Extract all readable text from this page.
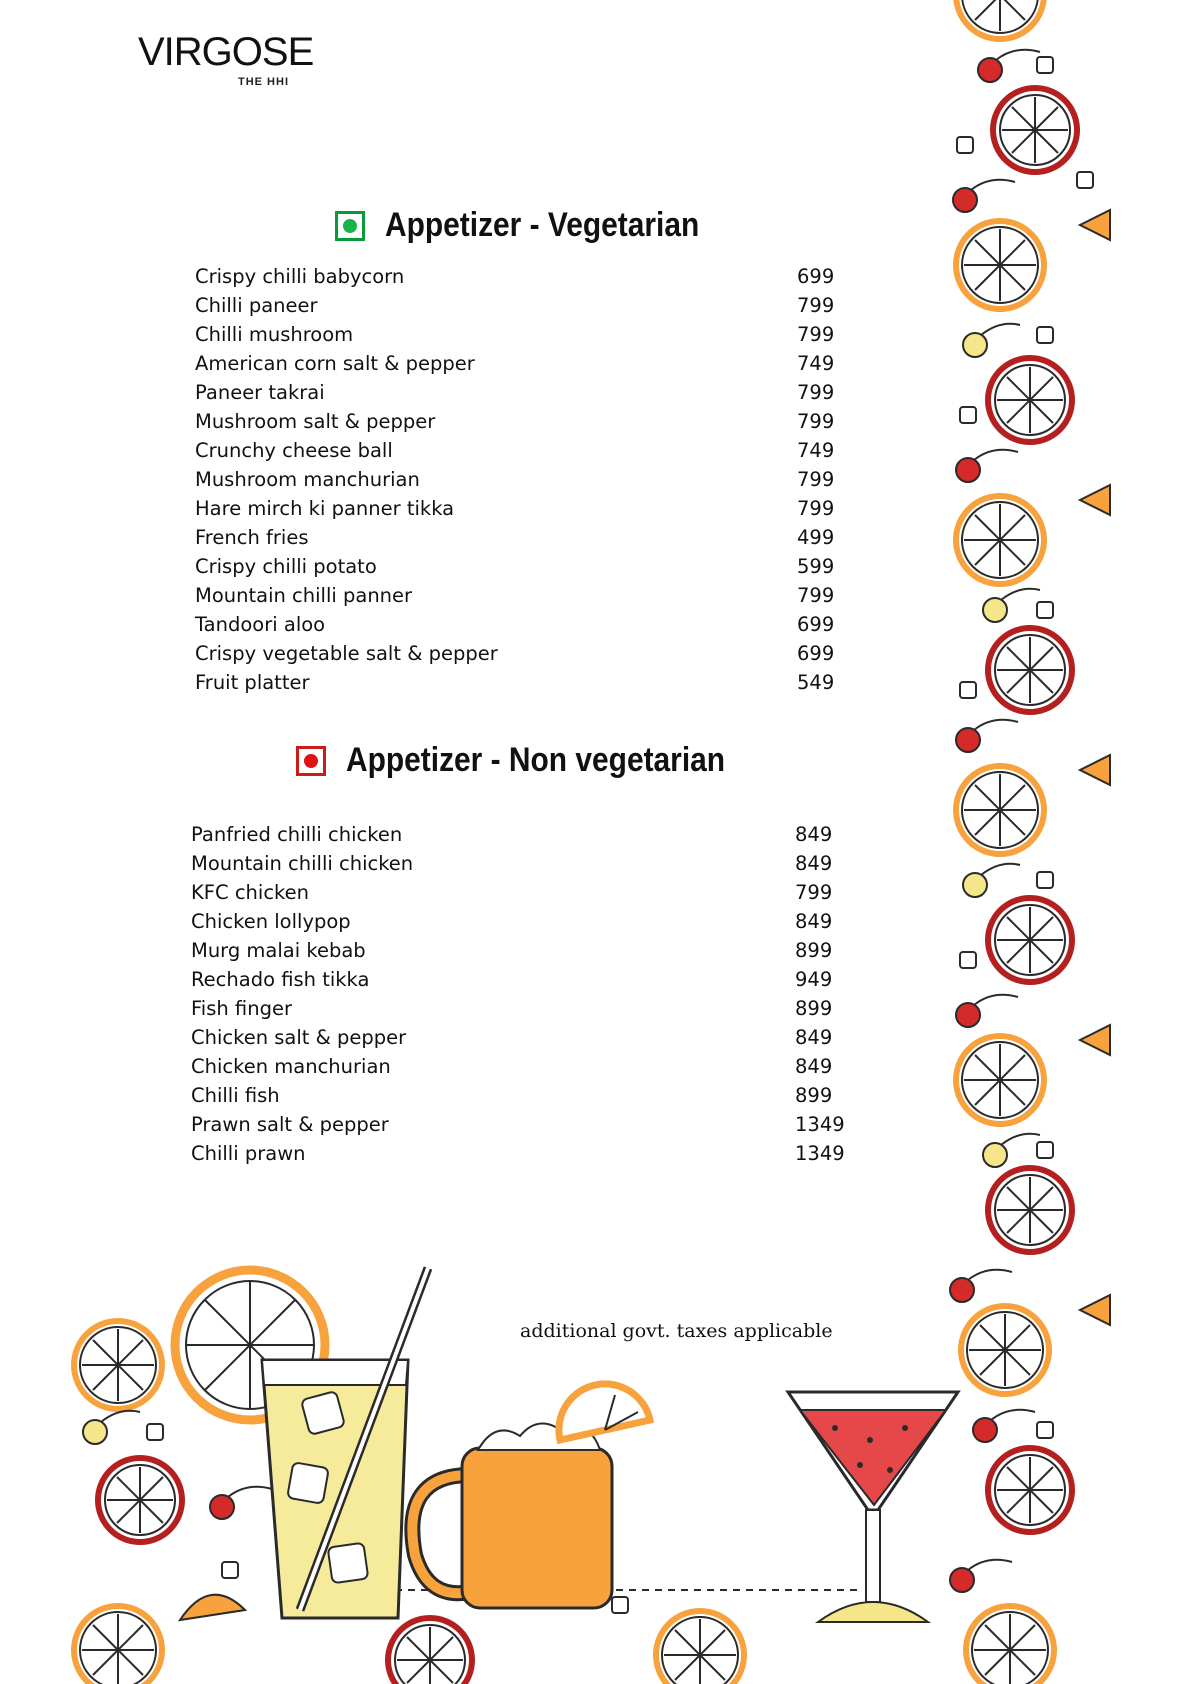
VIRGOSE
THE HHI
Appetizer - Vegetarian
Crispy chilli babycorn	699
Chilli paneer	799
Chilli mushroom	799
American corn salt & pepper	749
Paneer takrai	799
Mushroom salt & pepper	799
Crunchy cheese ball	749
Mushroom manchurian	799
Hare mirch ki panner tikka	799
French fries	499
Crispy chilli potato	599
Mountain chilli panner	799
Tandoori aloo	699
Crispy vegetable salt & pepper	699
Fruit platter	549
Appetizer - Non vegetarian
Panfried chilli chicken	849
Mountain chilli chicken	849
KFC chicken	799
Chicken lollypop	849
Murg malai kebab	899
Rechado fish tikka	949
Fish finger	899
Chicken salt & pepper	849
Chicken manchurian	849
Chilli fish	899
Prawn salt & pepper	1349
Chilli prawn	1349
additional govt. taxes applicable
